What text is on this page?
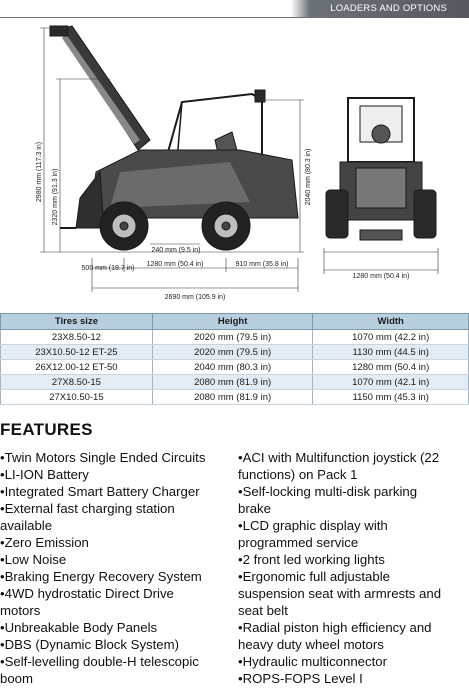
LOADERS AND OPTIONS
2980 mm (117.3 in) 2320 mm (91.3 in)	2040 mm (80.3 in)
240 mm (9.5 in)
500 mm (19.7 in)
1280 mm (50.4 in)	910 mm (35.8 in)
2690 mm (105.9 in)
1280 mm (50.4 in)
Tires size	Height	Width
23X8.50-12	2020 mm (79.5 in)	1070 mm (42.2 in)
23X10.50-12 ET-25	2020 mm (79.5 in)	1130 mm (44.5 in)
26X12.00-12 ET-50	2040 mm (80.3 in)	1280 mm (50.4 in)
27X8.50-15	2080 mm (81.9 in)	1070 mm (42.1 in)
27X10.50-15	2080 mm (81.9 in)	1150 mm (45.3 in)
FEATURES
•Twin Motors Single Ended Circuits
•LI-ION Battery
•Integrated Smart Battery Charger
•External fast charging station
available
•Zero Emission
•Low Noise
•Braking Energy Recovery System
•4WD hydrostatic Direct Drive
motors
•Unbreakable Body Panels
•DBS (Dynamic Block System)
•Self-levelling double-H telescopic
boom
•ACI with Multifunction joystick (22
functions) on Pack 1
•Self-locking multi-disk parking
brake
•LCD graphic display with
programmed service
•2 front led working lights
•Ergonomic full adjustable
suspension seat with armrests and
seat belt
•Radial piston high efficiency and
heavy duty wheel motors
•Hydraulic multiconnector
•ROPS-FOPS Level I
